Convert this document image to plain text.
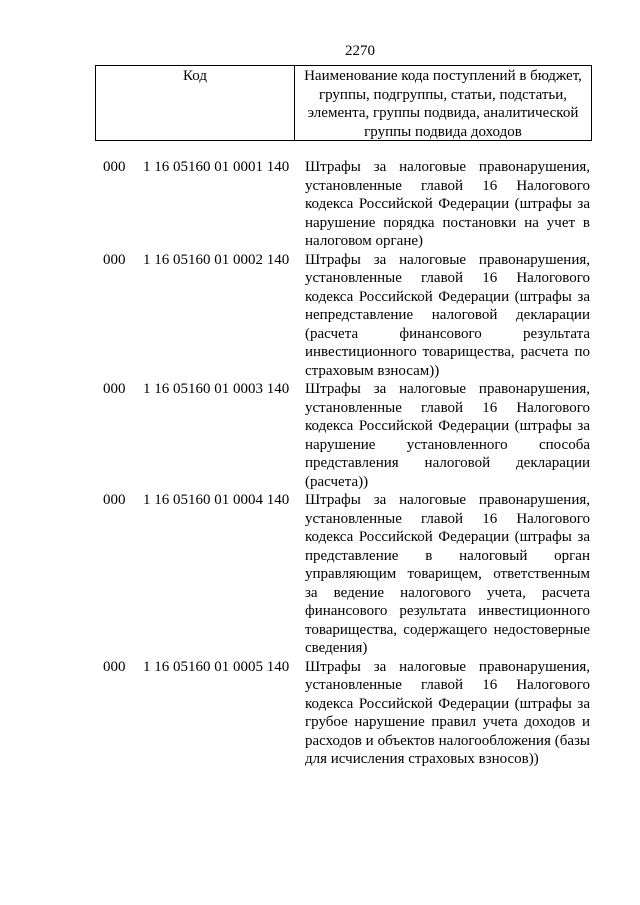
2270
Код	Наименование кода поступлений в бюджет, группы, подгруппы, статьи, подстатьи, элемента, группы подвида, аналитической группы подвида доходов
000	1 16 05160 01 0001 140	Штрафы за налоговые правонарушения, установленные главой 16 Налогового кодекса Российской Федерации (штрафы за нарушение порядка постановки на учет в налоговом органе)
000	1 16 05160 01 0002 140	Штрафы за налоговые правонарушения, установленные главой 16 Налогового кодекса Российской Федерации (штрафы за непредставление налоговой декларации (расчета финансового результата инвестиционного товарищества, расчета по страховым взносам))
000	1 16 05160 01 0003 140	Штрафы за налоговые правонарушения, установленные главой 16 Налогового кодекса Российской Федерации (штрафы за нарушение установленного способа представления налоговой декларации (расчета))
000	1 16 05160 01 0004 140	Штрафы за налоговые правонарушения, установленные главой 16 Налогового кодекса Российской Федерации (штрафы за представление в налоговый орган управляющим товарищем, ответственным за ведение налогового учета, расчета финансового результата инвестиционного товарищества, содержащего недостоверные сведения)
000	1 16 05160 01 0005 140	Штрафы за налоговые правонарушения, установленные главой 16 Налогового кодекса Российской Федерации (штрафы за грубое нарушение правил учета доходов и расходов и объектов налогообложения (базы для исчисления страховых взносов))
